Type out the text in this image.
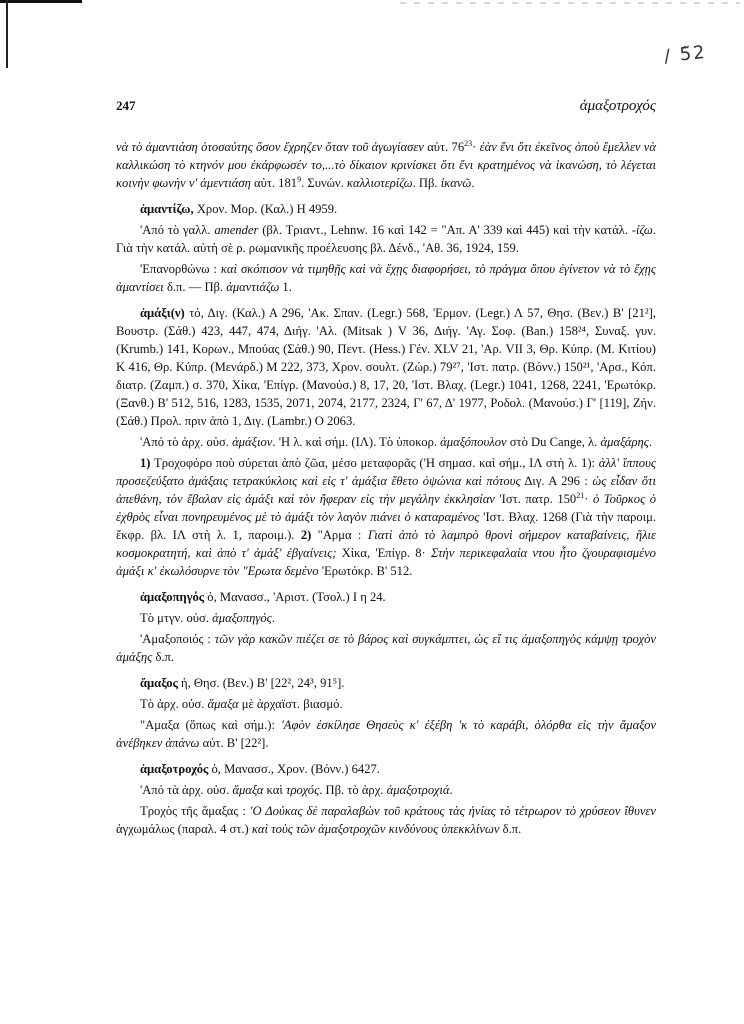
/ 5̃2
247	ἀμαξοτροχός

νὰ τὸ ἀμαντιάση ὁτοσαύτης ὅσον ἔχρηζεν ὅταν τοῦ ἀγωγίασεν αὐτ. $76^{23}\cdot$ ἐὰν ἔνι ὅτι ἐκεῖνος ὁποὺ ἔμελλεν νὰ καλλικώση τὸ κτηνόν μου ἐκάρφωσέν το,...τὸ δίκαιον κρινίσκει ὅτι ἔνι κρατημένος νὰ ἱκανώση, τὸ λέγεται κοινὴν φωνὴν ν' ἀμεντιάση αὐτ. $181^9$. Συνών. καλλιοτερίζω. Πβ. ἱκανῶ.

ἀμαντίζω, Χρον. Μορ. (Καλ.) Η 4959.

'Από τὸ γαλλ. amender (βλ. Τριαντ., Lehnw. 16 καὶ 142 = "Απ. Α' 339 καὶ 445) καὶ τὴν κατάλ. -ίζω. Γιὰ τὴν κατάλ. αὐτὴ σὲ ρ. ρωμανικῆς προέλευσης βλ. Δένδ., 'Αθ. 36, 1924, 159.

'Επανορθώνω : καὶ σκόπισον νὰ τιμηθῇς καὶ νὰ ἔχῃς διαφορήσει, τὸ πράγμα ὅπου ἐγίνετον νὰ τὸ ἔχῃς ἀμαντίσει δ.π. — Πβ. ἀμαντιάζω 1.

ἀμάξι(ν) τό, Διγ. (Καλ.) Α 296, 'Ακ. Σπαν. (Legr.) 568, 'Ερμον. (Legr.) Λ 57, Θησ. (Βεν.) Β' [21²], Βουστρ. (Σάθ.) 423, 447, 474, Διήγ. 'Αλ. (Mitsak ) V 36, Διήγ. 'Αγ. Σοφ. (Ban.) 158²⁴, Συναξ. γυν. (Krumb.) 141, Κορων., Μπούας (Σάθ.) 90, Πεντ. (Hess.) Γέν. XLV 21, 'Αρ. VII 3, Θρ. Κύπρ. (Μ. Κιτίου) Κ 416, Θρ. Κύπρ. (Μενάρδ.) Μ 222, 373, Χρον. σουλτ. (Ζώρ.) 79²⁷, 'Ιστ. πατρ. (Βόνν.) 150²¹, 'Αρσ., Κόπ. διατρ. (Ζαμπ.) σ. 370, Χίκα, 'Επίγρ. (Μανούσ.) 8, 17, 20, 'Ιστ. Βλαχ. (Legr.) 1041, 1268, 2241, 'Ερωτόκρ. (Ξανθ.) Β' 512, 516, 1283, 1535, 2071, 2074, 2177, 2324, Γ' 67, Δ' 1977, Ροδολ. (Μανούσ.) Γ' [119], Ζήν. (Σάθ.) Προλ. πριν ἀπὸ 1, Διγ. (Lambr.) Ο 2063.

'Από τὸ ἀρχ. οὐσ. ἁμάξιον. 'Η λ. καὶ σήμ. (ΙΛ). Τὸ ὑποκορ. ἀμαξόπουλον στὸ Du Cange, λ. ἀμαξάρης.

1) Τροχοφόρο ποὺ σύρεται ἀπὸ ζῶα, μέσο μεταφορᾶς ('Η σημασ. καὶ σήμ., ΙΛ στὴ λ. 1): ἀλλ' ἵππους προσεζεύξατο ἁμάξαις τετρακύκλοις καὶ εἰς τ' ἁμάξια ἔθετο ὀψώνια καὶ πότους Διγ. Α 296 : ὡς εἶδαν ὅτι ἀπεθάνη, τὸν ἔβαλαν εἰς ἀμάξι καὶ τὸν ἤφεραν εἰς τὴν μεγάλην ἐκκλησίαν 'Ιστ. πατρ. $150^{21}\cdot$ ὁ Τοῦρκος ὁ ἐχθρὸς εἶναι πονηρευμένος μὲ τὸ ἀμάξι τὸν λαγὸν πιάνει ὁ καταραμένος 'Ιστ. Βλαχ. 1268 (Γιὰ τὴν παροιμ. ἔκφρ. βλ. ΙΛ στὴ λ. 1, παροιμ.). 2) "Αρμα : Γιατὶ ἀπὸ τὸ λαμπρὸ θρονὶ σήμερον καταβαίνεις, ἥλιε κοσμοκρατητή, καὶ ἀπὸ τ' ἀμάξ' ἐβγαίνεις; Χίκα, 'Επίγρ. 8· Στὴν περικεφαλαία ντου ἦτο ζγουραφισμένο ἀμάξι κ' ἐκωλόσυρνε τὸν "Ερωτα δεμένο 'Ερωτόκρ. Β' 512.

ἀμαξοπηγός ὁ, Μανασσ., 'Αριστ. (Τσολ.) Ι η 24.

Τὸ μτγν. οὐσ. ἁμαξοπηγός.

'Αμαξοποιός : τῶν γὰρ κακῶν πιέζει σε τὸ βάρος καὶ συγκάμπτει, ὡς εἴ τις ἁμαξοπηγὸς κάμψῃ τροχὸν ἁμάξης δ.π.

ἄμαξος ἡ, Θησ. (Βεν.) Β' [22², 24³, 91⁵].

Τὸ ἀρχ. οὐσ. ἅμαξα μὲ ἀρχαϊστ. βιασμό.

"Αμαξα (ὅπως καὶ σήμ.): 'Αφὸν ἐσκίλησε Θησεὺς κ' ἐξέβη 'κ τὸ καράβι, ὁλόρθα εἰς τὴν ἄμαξον ἀνέβηκεν ἀπάνω αὐτ. Β' [22²].

ἀμαξοτροχός ὁ, Μανασσ., Χρον. (Βόνν.) 6427.

'Από τὰ ἀρχ. οὐσ. ἅμαξα καὶ τροχός. Πβ. τὸ ἀρχ. ἁμαξοτροχιά.

Τροχὸς τῆς ἅμαξας : 'Ο Δούκας δὲ παραλαβὼν τοῦ κράτους τὰς ἡνίας τὸ τέτρωρον τὸ χρύσεον ἴθυνεν ἀγχωμάλως (παραλ. 4 στ.) καὶ τοὺς τῶν ἀμαξοτροχῶν κινδύνους ὑπεκκλίνων δ.π.
